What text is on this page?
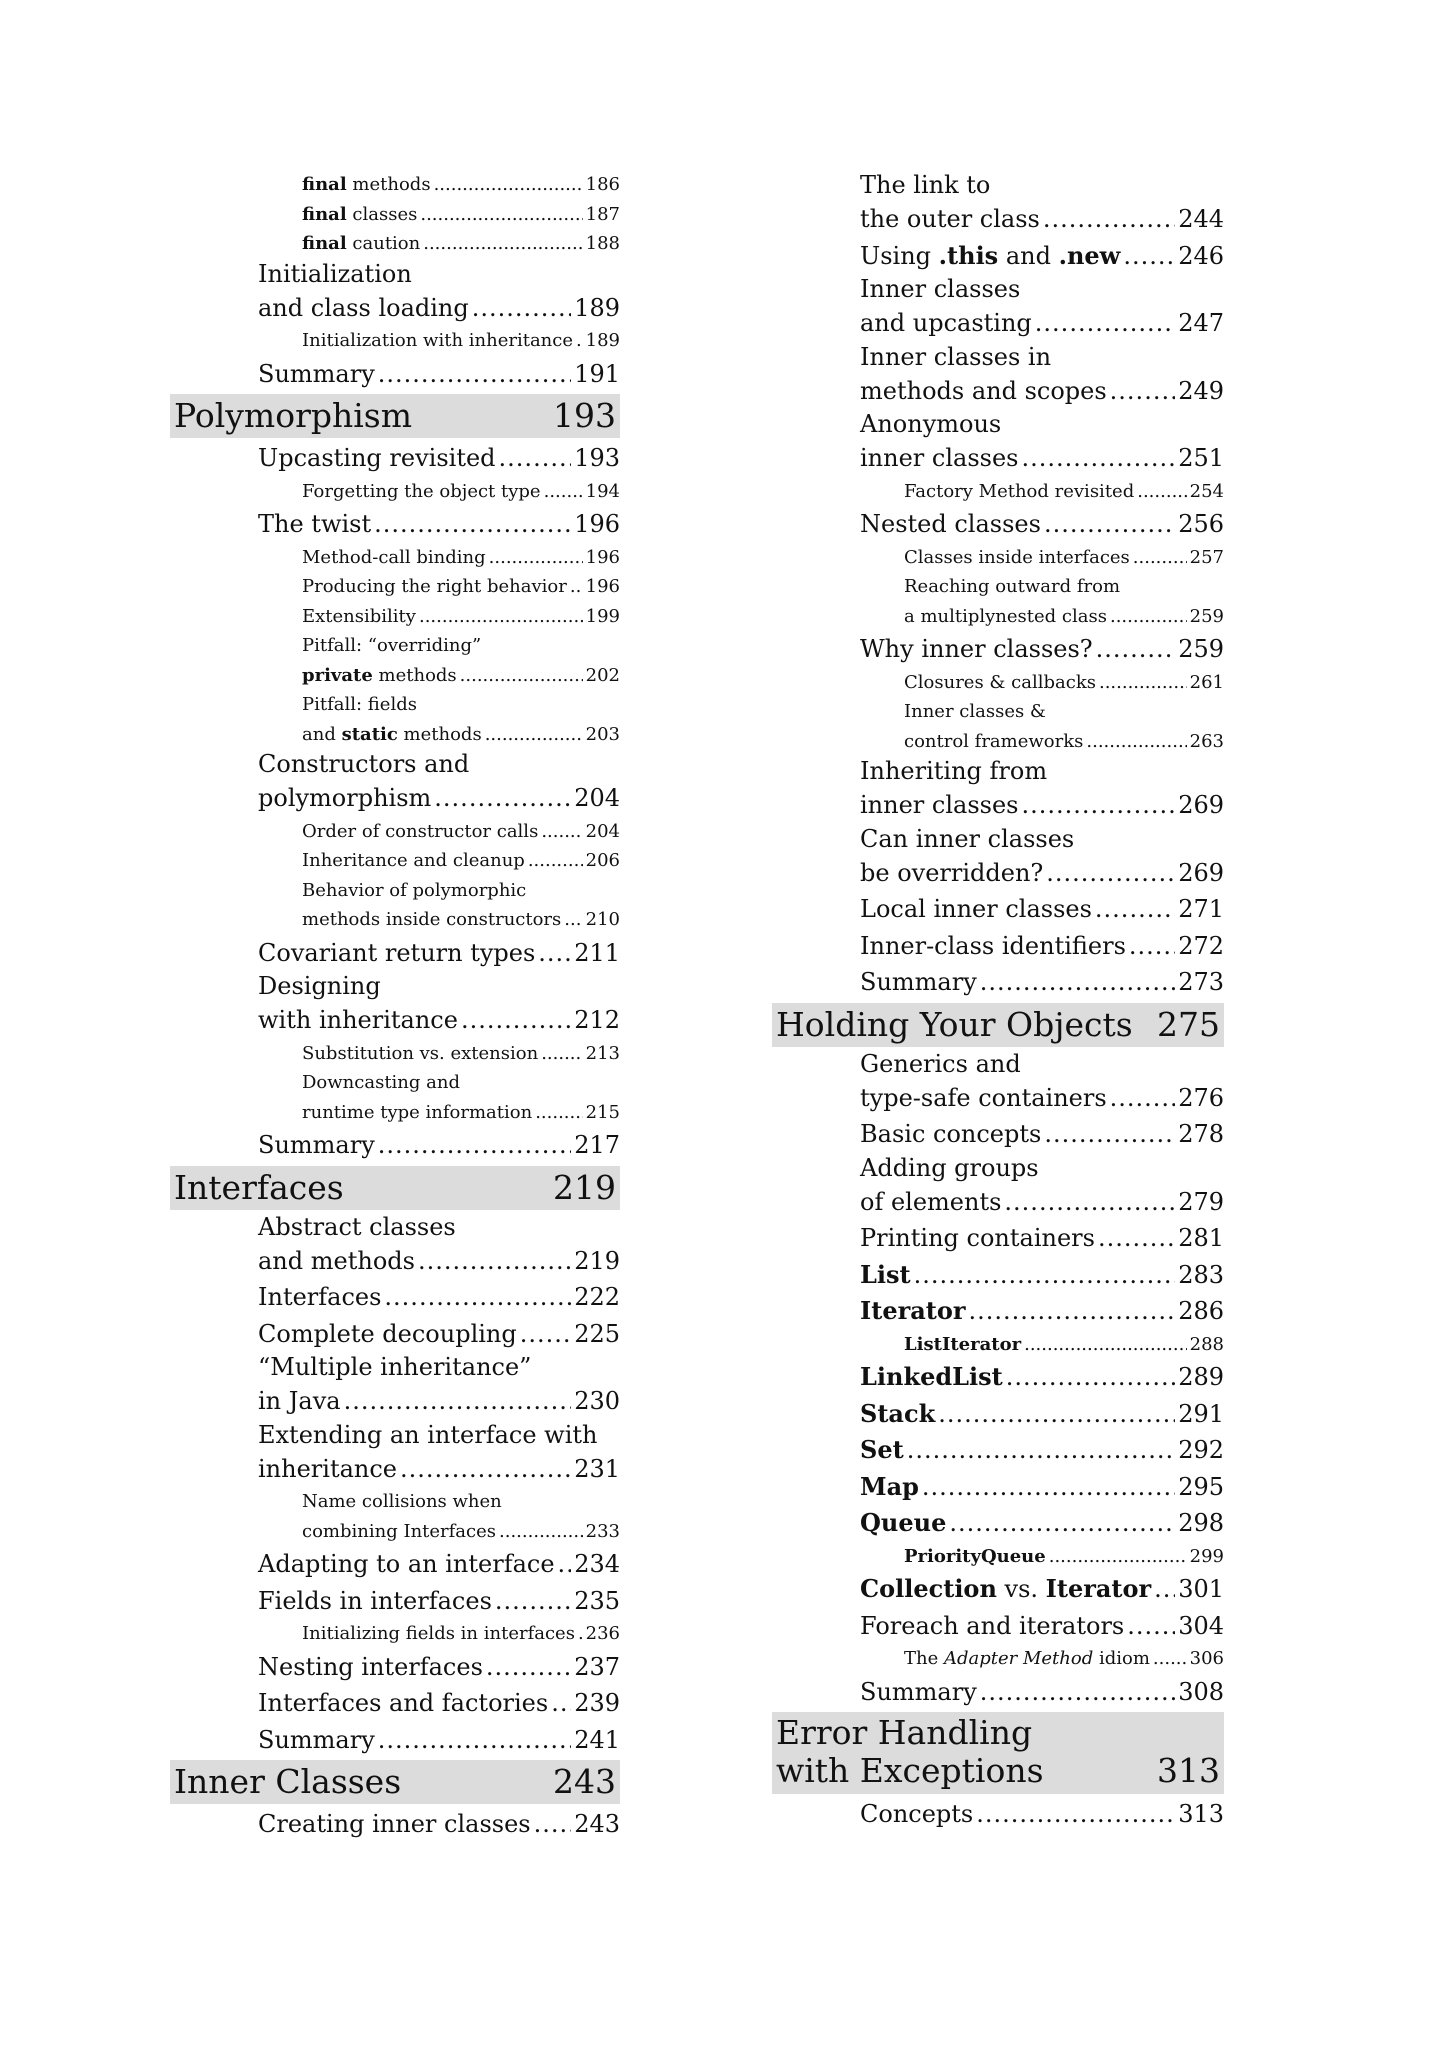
final methods .....	186
final classes .....	187
final caution .....	188
Initialization
and class loading .....	189
Initialization with inheritance ..... 189
Summary .....	191
Polymorphism	193
Upcasting revisited .....	193
Forgetting the object type .....	194
The twist .....	196
Method-call binding .....	196
Producing the right behavior ..... 196
Extensibility .....	199
Pitfall: “overriding”
private methods .....	202
Pitfall: fields
and static methods .....	203
Constructors and
polymorphism .....	204
Order of constructor calls .....	204
Inheritance and cleanup .....	206
Behavior of polymorphic
methods inside constructors ..... 210
Covariant return types ..... 211
Designing
with inheritance .....	212
Substitution vs. extension .....	213
Downcasting and
runtime type information .....	215
Summary .....	217
Interfaces	219
Abstract classes
and methods .....	219
Interfaces .....	222
Complete decoupling ..... 225
“Multiple inheritance”
in Java .....	230
Extending an interface with
inheritance .....	231
Name collisions when
combining Interfaces .....	233
Adapting to an interface ..... 234
Fields in interfaces .....	235
Initializing fields in interfaces ..... 236
Nesting interfaces .....	237
Interfaces and factories ..... 239
Summary .....	241
Inner Classes	243
Creating inner classes ..... 243
The link to
the outer class .....	244
Using .this and .new ..... 246
Inner classes
and upcasting .....	247
Inner classes in
methods and scopes .....	249
Anonymous
inner classes .....	251
Factory Method revisited .....	254
Nested classes .....	256
Classes inside interfaces .....	257
Reaching outward from
a multiplynested class .....	259
Why inner classes? .....	259
Closures & callbacks .....	261
Inner classes &
control frameworks .....	263
Inheriting from
inner classes .....	269
Can inner classes
be overridden? .....	269
Local inner classes .....	271
Inner-class identifiers ..... 272
Summary .....	273
Holding Your Objects 275
Generics and
type-safe containers .....	276
Basic concepts .....	278
Adding groups
of elements .....	279
Printing containers .....	281
List .....	283
Iterator .....	286
ListIterator .....	288
LinkedList .....	289
Stack .....	291
Set .....	292
Map .....	295
Queue .....	298
PriorityQueue .....	299
Collection vs. Iterator ..... 301
Foreach and iterators ..... 304
The Adapter Method idiom ..... 306
Summary .....	308
Error Handling
with Exceptions	313
Concepts .....	313
